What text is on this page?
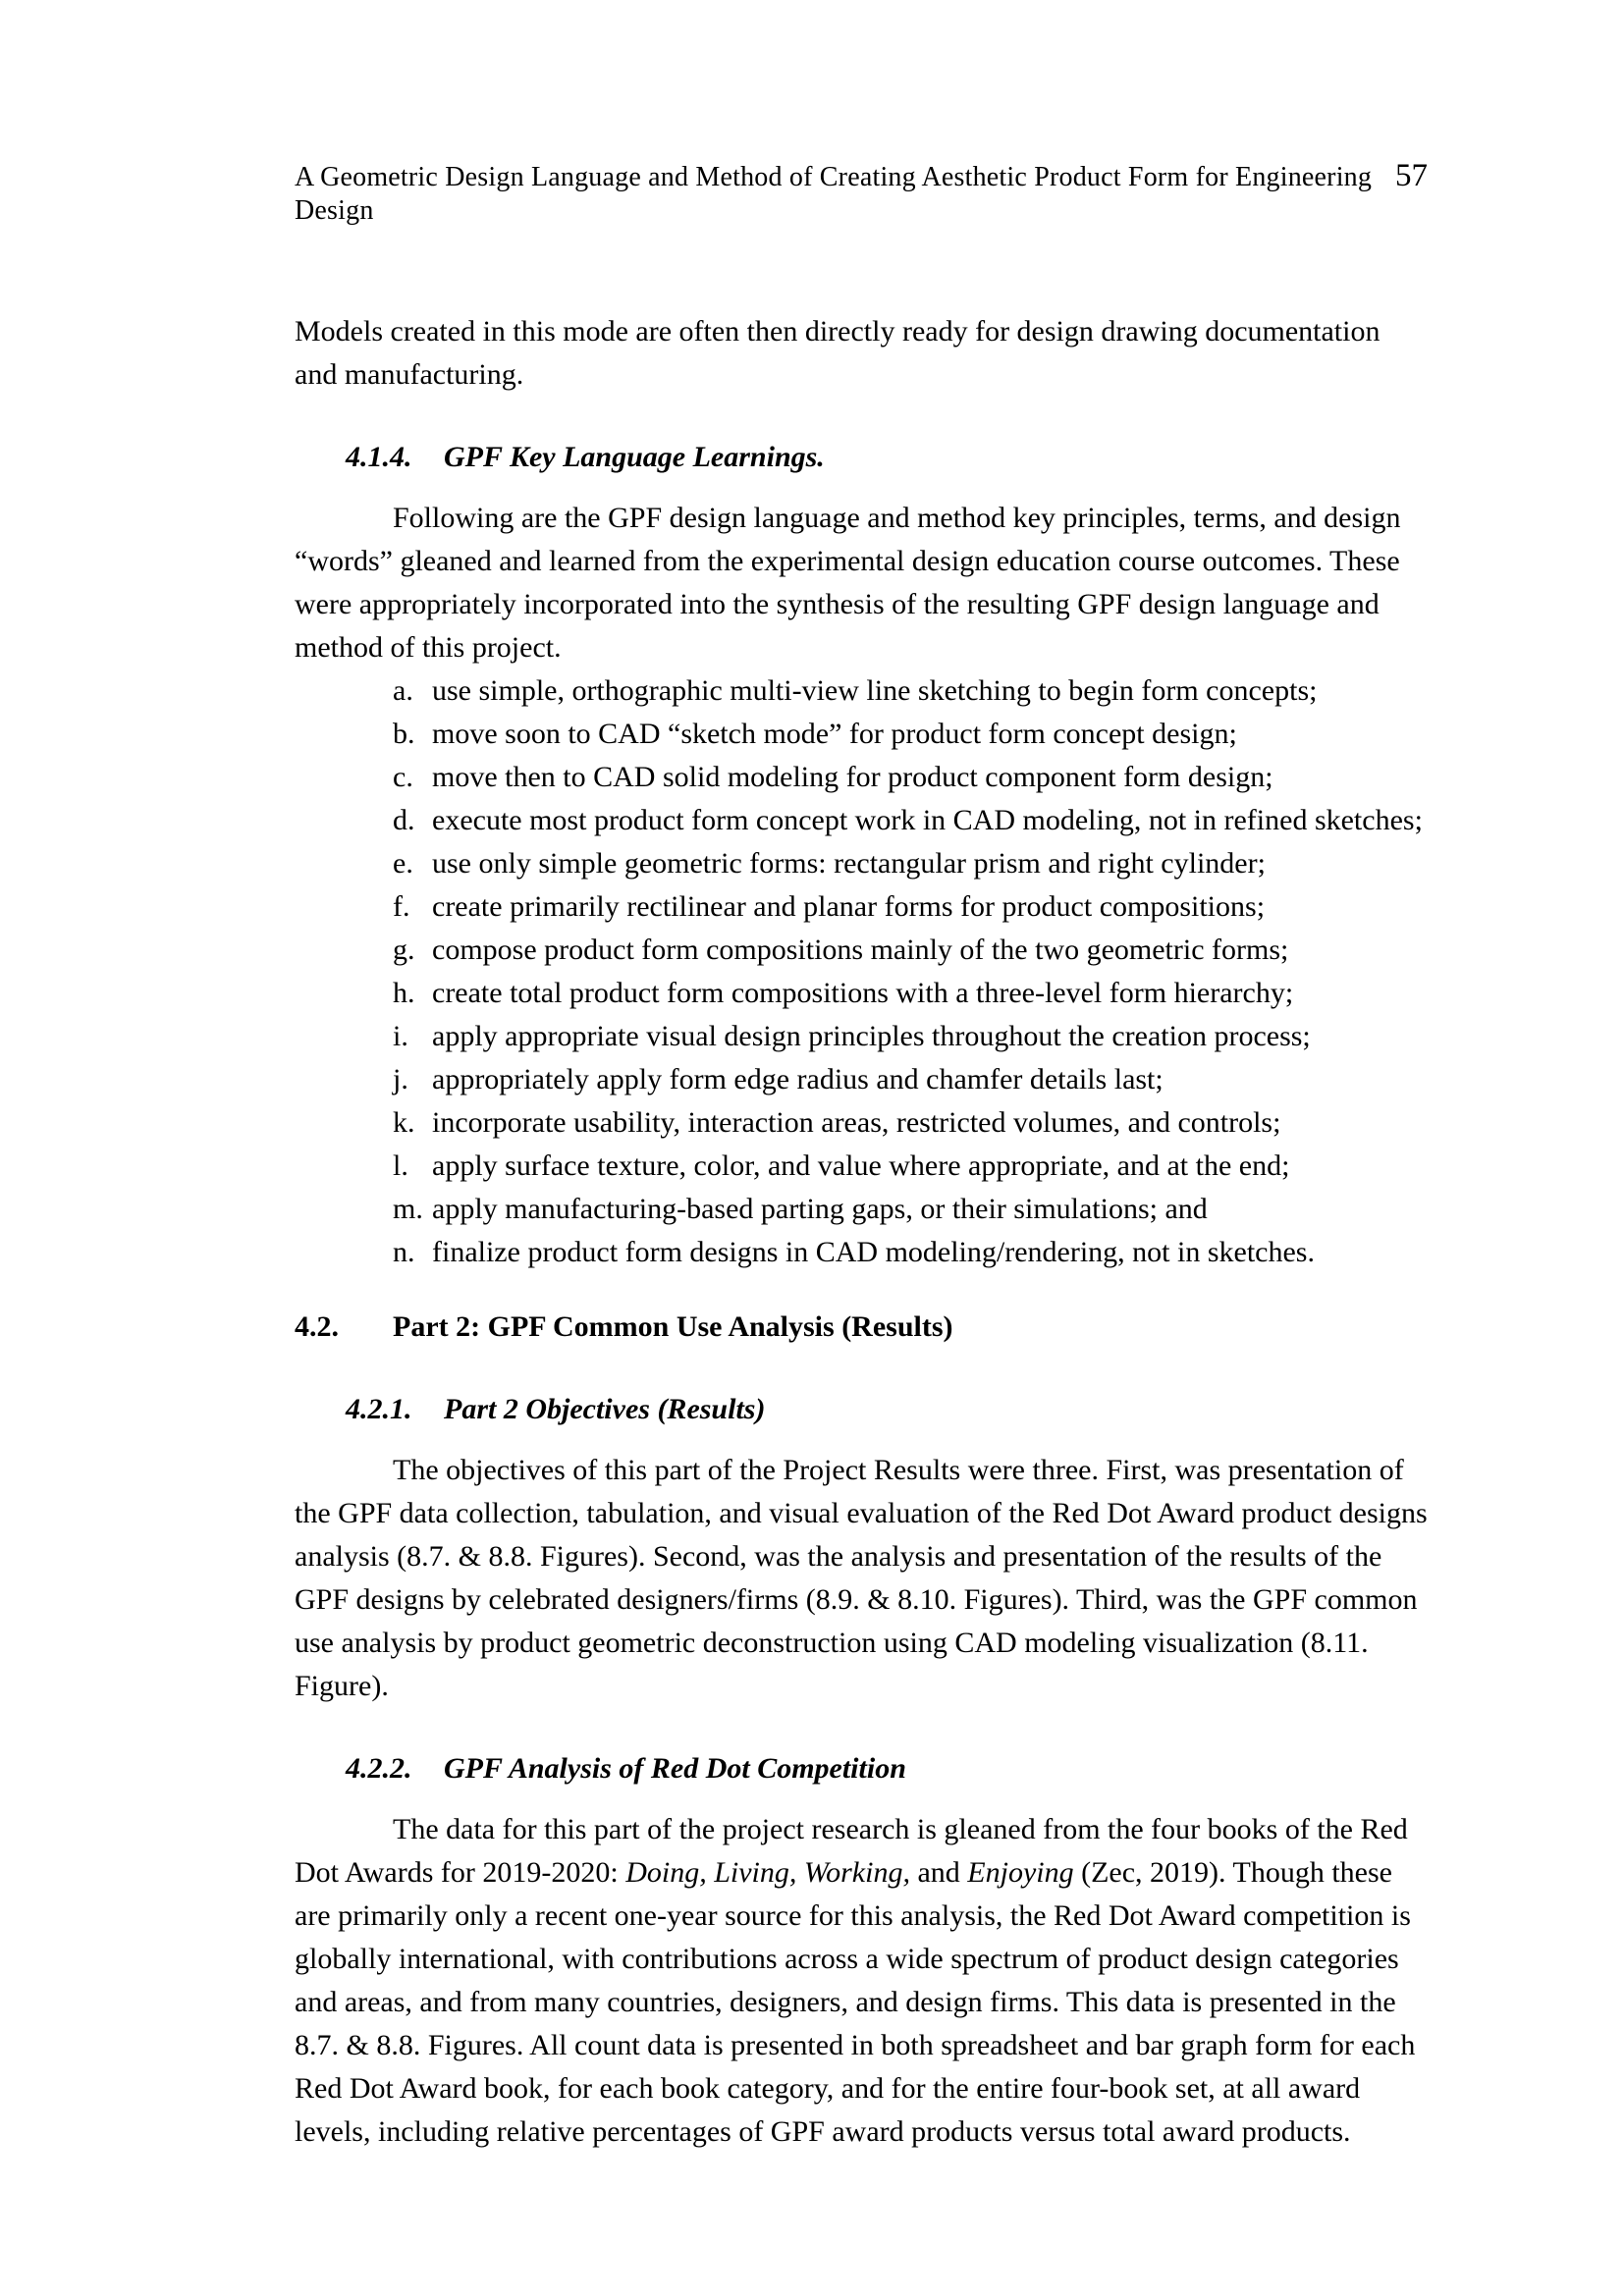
A Geometric Design Language and Method of Creating Aesthetic Product Form for Engineering Design
57

Models created in this mode are often then directly ready for design drawing documentation and manufacturing.

4.1.4.	GPF Key Language Learnings.

Following are the GPF design language and method key principles, terms, and design “words” gleaned and learned from the experimental design education course outcomes. These were appropriately incorporated into the synthesis of the resulting GPF design language and method of this project.

a. use simple, orthographic multi-view line sketching to begin form concepts;
b. move soon to CAD “sketch mode” for product form concept design;
c. move then to CAD solid modeling for product component form design;
d. execute most product form concept work in CAD modeling, not in refined sketches;
e. use only simple geometric forms: rectangular prism and right cylinder;
f. create primarily rectilinear and planar forms for product compositions;
g. compose product form compositions mainly of the two geometric forms;
h. create total product form compositions with a three-level form hierarchy;
i. apply appropriate visual design principles throughout the creation process;
j. appropriately apply form edge radius and chamfer details last;
k. incorporate usability, interaction areas, restricted volumes, and controls;
l. apply surface texture, color, and value where appropriate, and at the end;
m. apply manufacturing-based parting gaps, or their simulations; and
n. finalize product form designs in CAD modeling/rendering, not in sketches.
4.2.	Part 2: GPF Common Use Analysis (Results)
4.2.1.	Part 2 Objectives (Results)

The objectives of this part of the Project Results were three. First, was presentation of the GPF data collection, tabulation, and visual evaluation of the Red Dot Award product designs analysis (8.7. & 8.8. Figures). Second, was the analysis and presentation of the results of the GPF designs by celebrated designers/firms (8.9. & 8.10. Figures). Third, was the GPF common use analysis by product geometric deconstruction using CAD modeling visualization (8.11. Figure).

4.2.2.	GPF Analysis of Red Dot Competition

The data for this part of the project research is gleaned from the four books of the Red Dot Awards for 2019-2020: Doing, Living, Working, and Enjoying (Zec, 2019). Though these are primarily only a recent one-year source for this analysis, the Red Dot Award competition is globally international, with contributions across a wide spectrum of product design categories and areas, and from many countries, designers, and design firms. This data is presented in the 8.7. & 8.8. Figures. All count data is presented in both spreadsheet and bar graph form for each Red Dot Award book, for each book category, and for the entire four-book set, at all award levels, including relative percentages of GPF award products versus total award products.
